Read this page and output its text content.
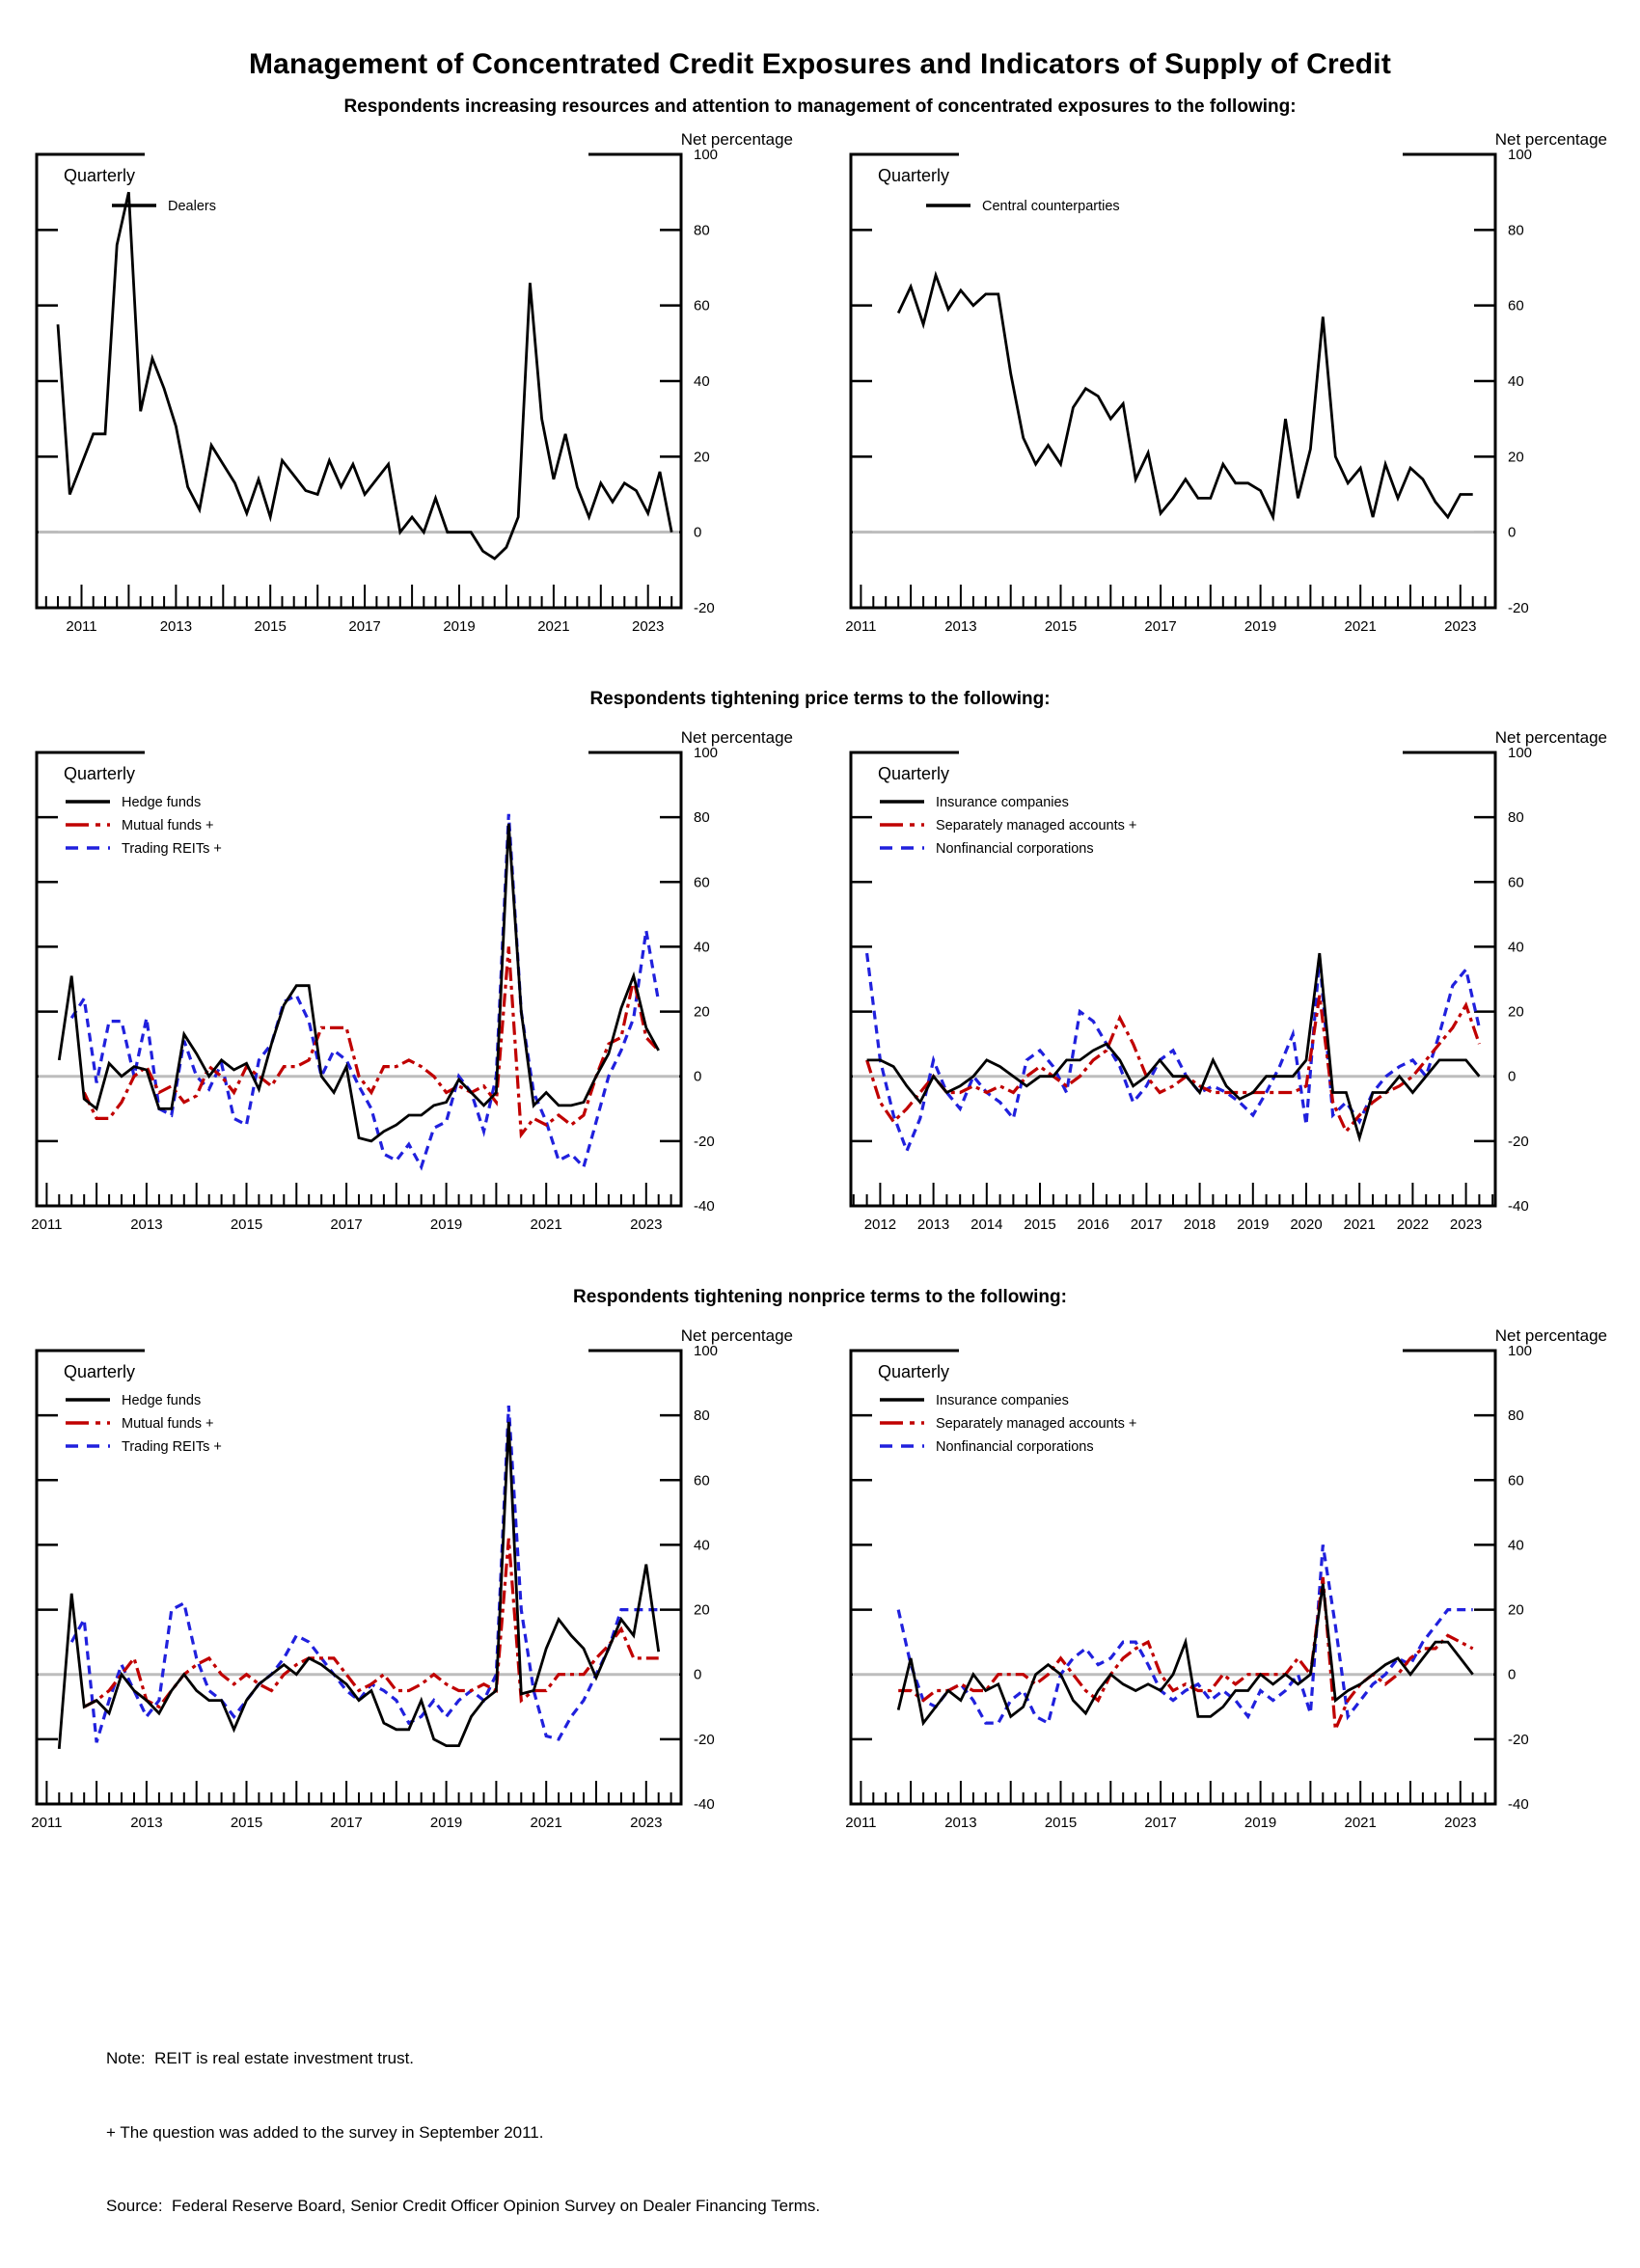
Management of Concentrated Credit Exposures and Indicators of Supply of Credit
Respondents increasing resources and attention to management of concentrated exposures to the following:
Net percentage
100
80
60
40
20
0
-20
2011	2013	2015	2017	2019	2021	2023
Quarterly
Dealers
Net percentage
100
80
60
40
20
0
-20
2011	2013	2015	2017	2019	2021	2023
Quarterly
Central counterparties
Respondents tightening price terms to the following:
Net percentage
100
80
60
40
20
0
-20
-40
2011	2013	2015	2017	2019	2021	2023
Quarterly
Hedge funds
Mutual funds +
Trading REITs +
Net percentage
100
80
60
40
20
0
-20
-40
2012 2013 2014 2015 2016 2017 2018 2019 2020 2021 2022 2023
Quarterly
Insurance companies
Separately managed accounts +
Nonfinancial corporations
Respondents tightening nonprice terms to the following:
Net percentage
100
80
60
40
20
0
-20
-40
2011	2013	2015	2017	2019	2021	2023
Quarterly
Hedge funds
Mutual funds +
Trading REITs +
Net percentage
100
80
60
40
20
0
-20
-40
2011	2013	2015	2017	2019	2021	2023
Quarterly
Insurance companies
Separately managed accounts +
Nonfinancial corporations

Note:  REIT is real estate investment trust.

+ The question was added to the survey in September 2011.

Source:  Federal Reserve Board, Senior Credit Officer Opinion Survey on Dealer Financing Terms.
